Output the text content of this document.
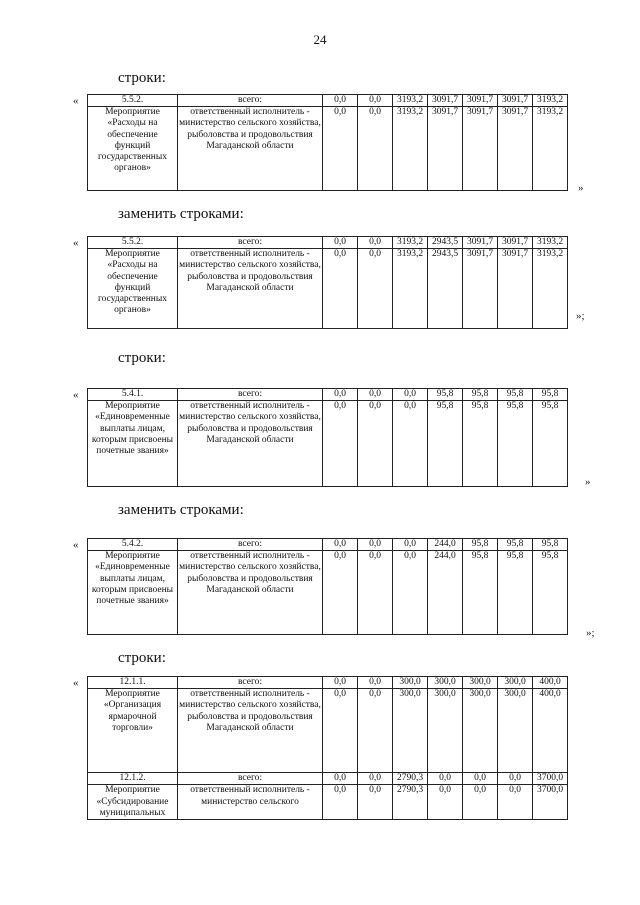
24
строки:
«	5.5.2.	всего:	0,0	0,0	3193,2	3091,7	3091,7	3091,7	3193,2
Мероприятие «Расходы на обеспечение функций государственных органов»	ответственный исполнитель - министерство сельского хозяйства, рыболовства и продовольствия Магаданской области	0,0	0,0	3193,2	3091,7	3091,7	3091,7	3193,2
»
заменить строками:
«	5.5.2.	всего:	0,0	0,0	3193,2	2943,5	3091,7	3091,7	3193,2
Мероприятие «Расходы на обеспечение функций государственных органов»	ответственный исполнитель - министерство сельского хозяйства, рыболовства и продовольствия Магаданской области	0,0	0,0	3193,2	2943,5	3091,7	3091,7	3193,2
»;
строки:
«	5.4.1.	всего:	0,0	0,0	0,0	95,8	95,8	95,8	95,8
Мероприятие «Единовременные выплаты лицам, которым присвоены почетные звания»	ответственный исполнитель - министерство сельского хозяйства, рыболовства и продовольствия Магаданской области	0,0	0,0	0,0	95,8	95,8	95,8	95,8
»
заменить строками:
«	5.4.2.	всего:	0,0	0,0	0,0	244,0	95,8	95,8	95,8
Мероприятие «Единовременные выплаты лицам, которым присвоены почетные звания»	ответственный исполнитель - министерство сельского хозяйства, рыболовства и продовольствия Магаданской области	0,0	0,0	0,0	244,0	95,8	95,8	95,8
»;
строки:
«	12.1.1.	всего:	0,0	0,0	300,0	300,0	300,0	300,0	400,0
Мероприятие «Организация ярмарочной торговли»	ответственный исполнитель - министерство сельского хозяйства, рыболовства и продовольствия Магаданской области	0,0	0,0	300,0	300,0	300,0	300,0	400,0
12.1.2.	всего:	0,0	0,0	2790,3	0,0	0,0	0,0	3700,0
Мероприятие «Субсидирование муниципальных	ответственный исполнитель - министерство сельского	0,0	0,0	2790,3	0,0	0,0	0,0	3700,0
